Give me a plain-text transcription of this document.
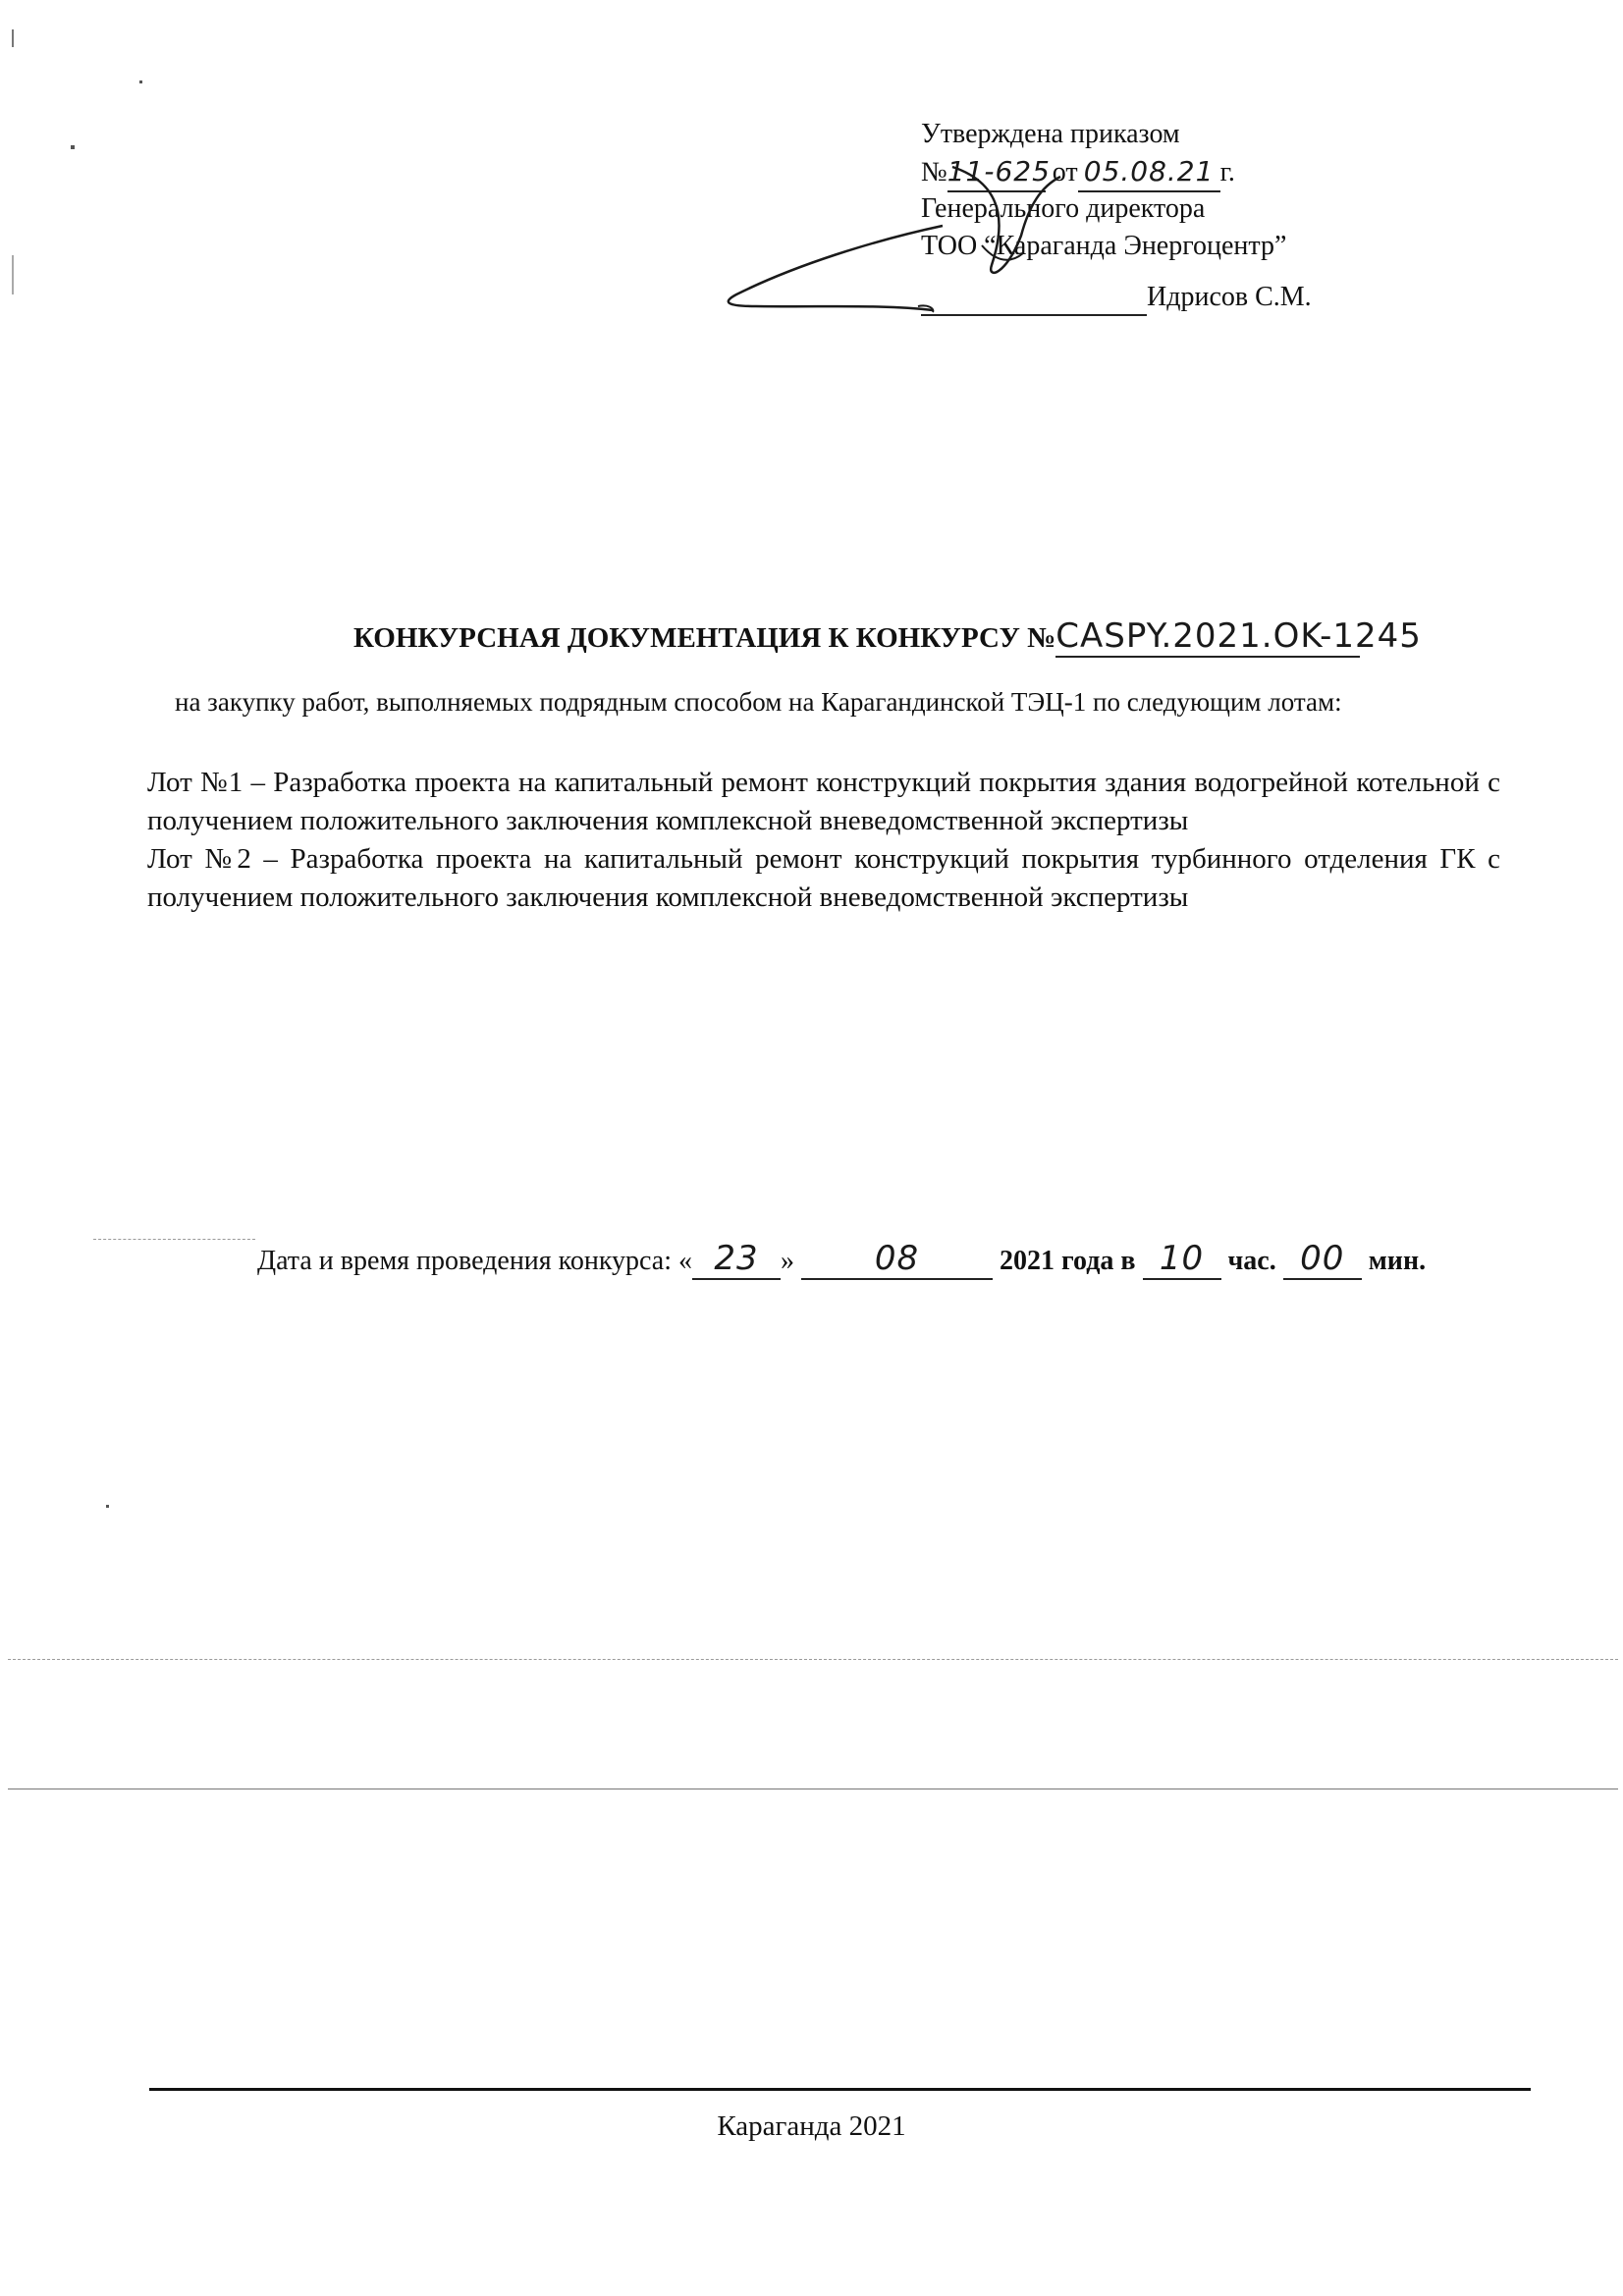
Утверждена приказом
№11-625 от 05.08.21 г.
Генерального директора
ТОО “Караганда Энергоцентр”
Идрисов С.М.
КОНКУРСНАЯ ДОКУМЕНТАЦИЯ К КОНКУРСУ №CASPY.2021.OK-1245
на закупку работ, выполняемых подрядным способом на Карагандинской ТЭЦ-1 по следующим лотам:
Лот №1 – Разработка проекта на капитальный ремонт конструкций покрытия здания водогрейной котельной с получением положительного заключения комплексной вневедомственной экспертизы
Лот №2 – Разработка проекта на капитальный ремонт конструкций покрытия турбинного отделения ГК с получением положительного заключения комплексной вневедомственной экспертизы
Дата и время проведения конкурса: « 23 » 08	2021 года в 10 час. 00 мин.
Караганда 2021
